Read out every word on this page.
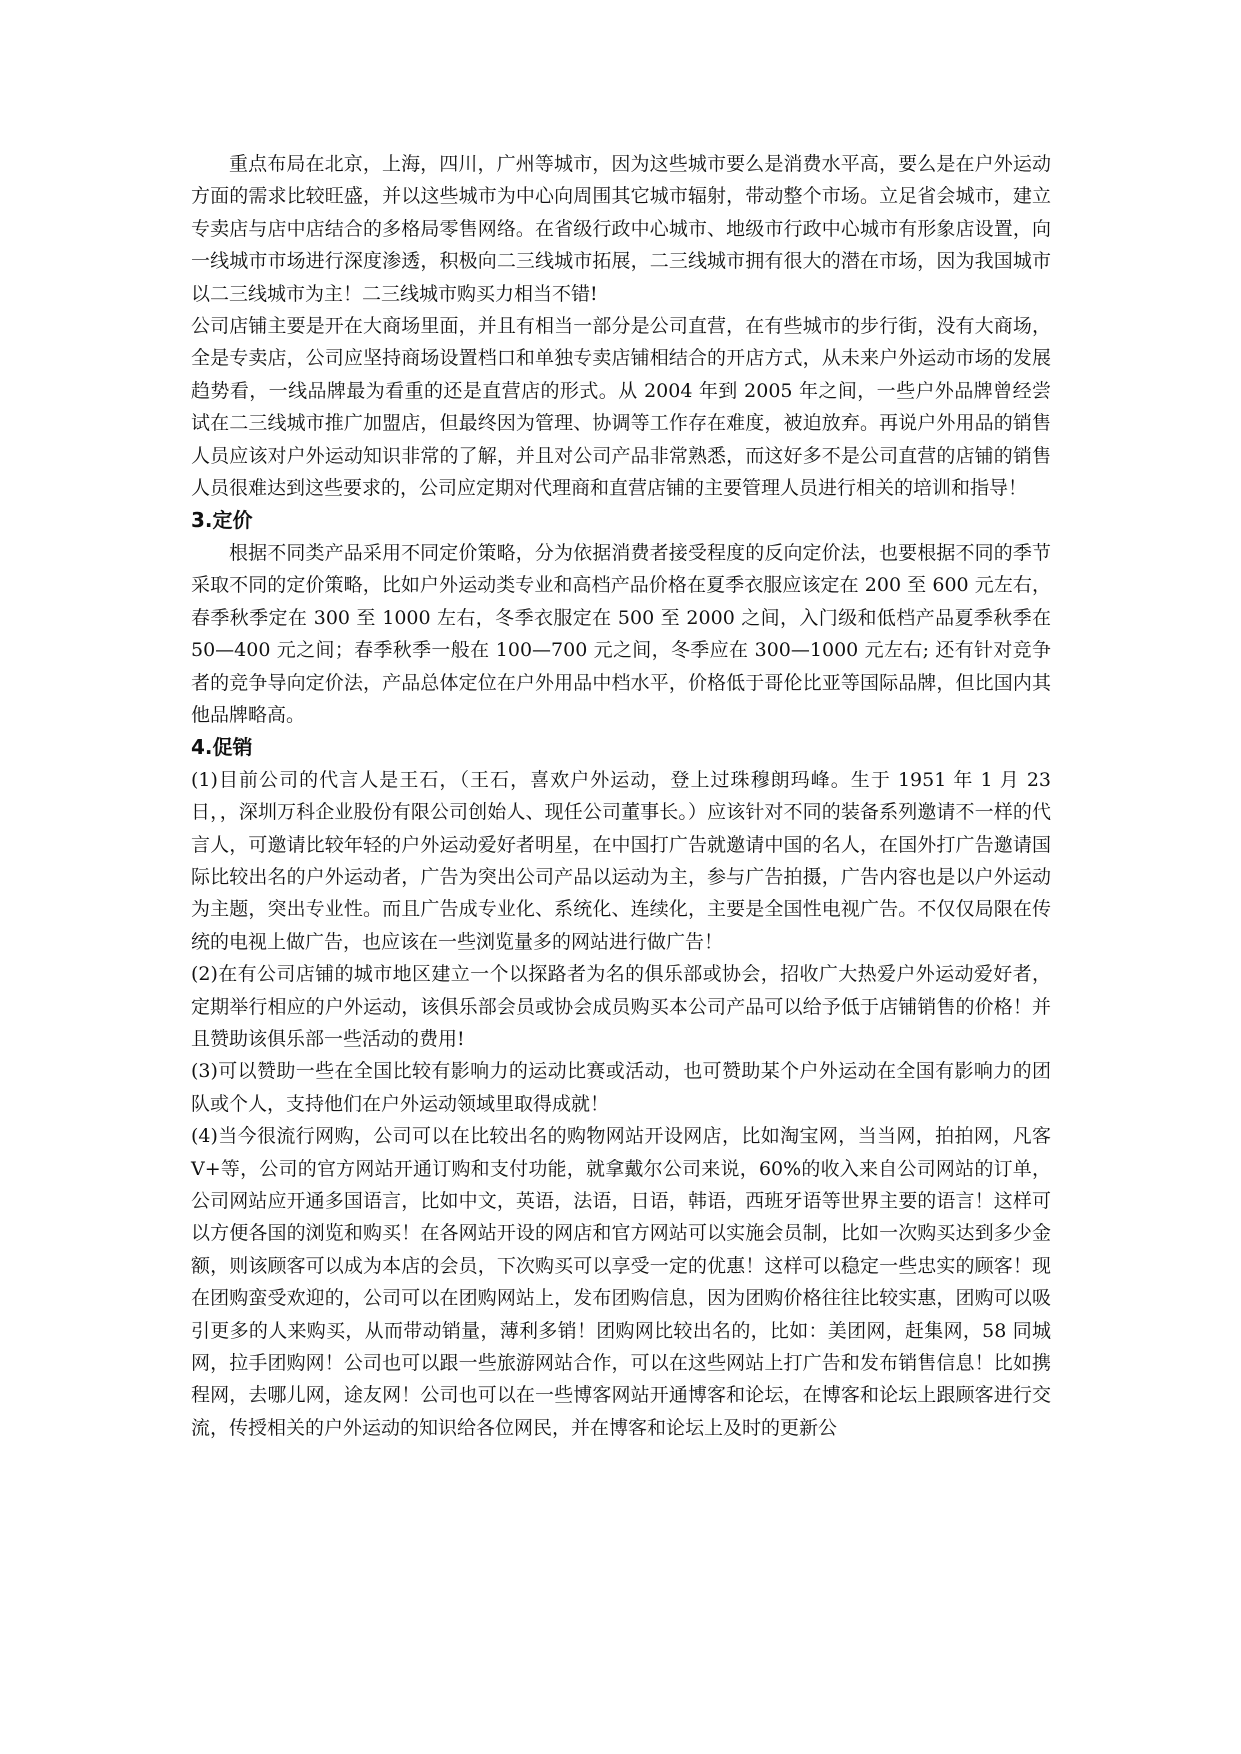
重点布局在北京，上海，四川，广州等城市，因为这些城市要么是消费水平高，要么是在户外运动方面的需求比较旺盛，并以这些城市为中心向周围其它城市辐射，带动整个市场。立足省会城市，建立专卖店与店中店结合的多格局零售网络。在省级行政中心城市、地级市行政中心城市有形象店设置，向一线城市市场进行深度渗透，积极向二三线城市拓展，二三线城市拥有很大的潜在市场，因为我国城市以二三线城市为主！二三线城市购买力相当不错!

公司店铺主要是开在大商场里面，并且有相当一部分是公司直营，在有些城市的步行街，没有大商场，全是专卖店，公司应坚持商场设置档口和单独专卖店铺相结合的开店方式，从未来户外运动市场的发展趋势看，一线品牌最为看重的还是直营店的形式。从 2004 年到 2005 年之间，一些户外品牌曾经尝试在二三线城市推广加盟店，但最终因为管理、协调等工作存在难度，被迫放弃。再说户外用品的销售人员应该对户外运动知识非常的了解，并且对公司产品非常熟悉，而这好多不是公司直营的店铺的销售人员很难达到这些要求的，公司应定期对代理商和直营店铺的主要管理人员进行相关的培训和指导！

3.定价

根据不同类产品采用不同定价策略，分为依据消费者接受程度的反向定价法，也要根据不同的季节采取不同的定价策略，比如户外运动类专业和高档产品价格在夏季衣服应该定在 200 至 600 元左右，春季秋季定在 300 至 1000 左右，冬季衣服定在 500 至 2000 之间，入门级和低档产品夏季秋季在 50—400 元之间；春季秋季一般在 100—700 元之间，冬季应在 300—1000 元左右; 还有针对竞争者的竞争导向定价法，产品总体定位在户外用品中档水平，价格低于哥伦比亚等国际品牌，但比国内其他品牌略高。

4.促销

(1)目前公司的代言人是王石，（王石，喜欢户外运动，登上过珠穆朗玛峰。生于 1951 年 1 月 23 日，，深圳万科企业股份有限公司创始人、现任公司董事长。）应该针对不同的装备系列邀请不一样的代言人，可邀请比较年轻的户外运动爱好者明星，在中国打广告就邀请中国的名人，在国外打广告邀请国际比较出名的户外运动者，广告为突出公司产品以运动为主，参与广告拍摄，广告内容也是以户外运动为主题，突出专业性。而且广告成专业化、系统化、连续化，主要是全国性电视广告。不仅仅局限在传统的电视上做广告，也应该在一些浏览量多的网站进行做广告！

(2)在有公司店铺的城市地区建立一个以探路者为名的俱乐部或协会，招收广大热爱户外运动爱好者，定期举行相应的户外运动，该俱乐部会员或协会成员购买本公司产品可以给予低于店铺销售的价格！并且赞助该俱乐部一些活动的费用!

(3)可以赞助一些在全国比较有影响力的运动比赛或活动，也可赞助某个户外运动在全国有影响力的团队或个人，支持他们在户外运动领域里取得成就！

(4)当今很流行网购，公司可以在比较出名的购物网站开设网店，比如淘宝网，当当网，拍拍网，凡客 V+等，公司的官方网站开通订购和支付功能，就拿戴尔公司来说，60%的收入来自公司网站的订单，公司网站应开通多国语言，比如中文，英语，法语，日语，韩语，西班牙语等世界主要的语言！这样可以方便各国的浏览和购买！在各网站开设的网店和官方网站可以实施会员制，比如一次购买达到多少金额，则该顾客可以成为本店的会员，下次购买可以享受一定的优惠！这样可以稳定一些忠实的顾客！现在团购蛮受欢迎的，公司可以在团购网站上，发布团购信息，因为团购价格往往比较实惠，团购可以吸引更多的人来购买，从而带动销量，薄利多销！团购网比较出名的，比如：美团网，赶集网，58 同城网，拉手团购网！公司也可以跟一些旅游网站合作，可以在这些网站上打广告和发布销售信息！比如携程网，去哪儿网，途友网！公司也可以在一些博客网站开通博客和论坛，在博客和论坛上跟顾客进行交流，传授相关的户外运动的知识给各位网民，并在博客和论坛上及时的更新公
